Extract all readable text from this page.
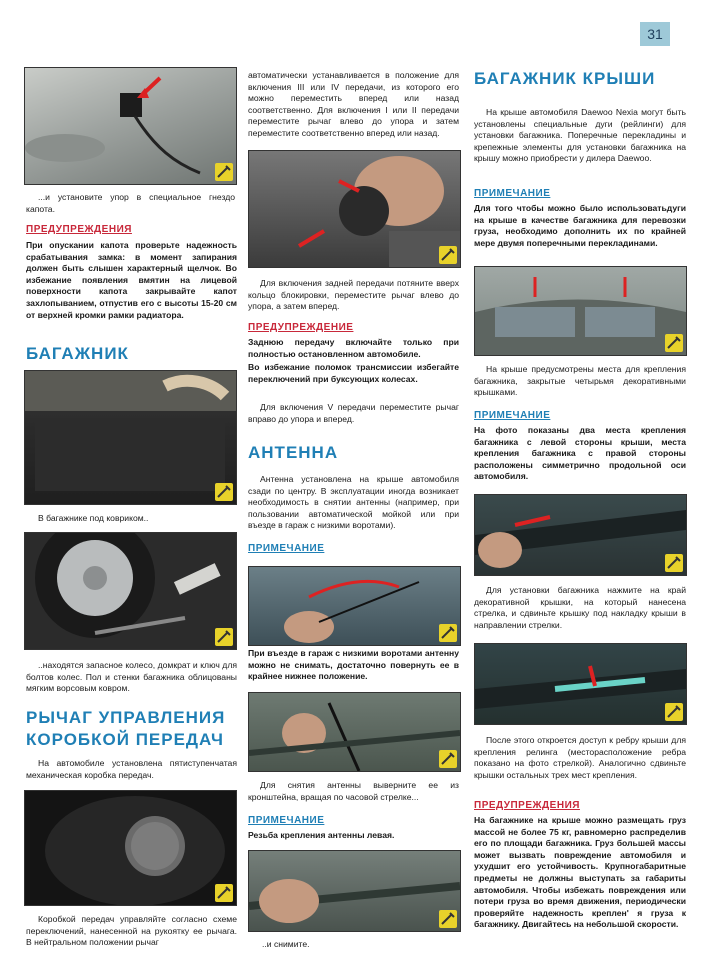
31
...и установите упор в специальное гнездо капота.
ПРЕДУПРЕЖДЕНИЯ
При опускании капота проверьте надежность срабатывания замка: в момент запирания должен быть слышен характерный щелчок. Во избежание появления вмятин на лицевой поверхности капота закрывайте капот захлопыванием, отпустив его с высоты 15-20 см от верхней кромки рамки радиатора.
БАГАЖНИК
В багажнике под ковриком..
..находятся запасное колесо, домкрат и ключ для болтов колес. Пол и стенки багажника облицованы мягким ворсовым ковром.
РЫЧАГ УПРАВЛЕНИЯ
КОРОБКОЙ ПЕРЕДАЧ
На автомобиле установлена пятиступенчатая механическая коробка передач.
Коробкой передач управляйте согласно схеме переключений, нанесенной на рукоятку ее рычага. В нейтральном положении рычаг
автоматически устанавливается в положение для включения III или IV передачи, из которого его можно переместить вперед или назад соответственно. Для включения I или II передачи переместите рычаг влево до упора и затем переместите соответственно вперед или назад.
Для включения задней передачи потяните вверх кольцо блокировки, переместите рычаг влево до упора, а затем вперед.
ПРЕДУПРЕЖДЕНИЕ
Заднюю передачу включайте только при полностью остановленном автомобиле.
Во избежание поломок трансмиссии избегайте переключений при буксующих колесах.
Для включения V передачи переместите рычаг вправо до упора и вперед.
АНТЕННА
Антенна установлена на крыше автомобиля сзади по центру. В эксплуатации иногда возникает необходимость в снятии антенны (например, при пользовании автоматической мойкой или при въезде в гараж с низкими воротами).
ПРИМЕЧАНИЕ
При въезде в гараж с низкими воротами антенну можно не снимать, достаточно повернуть ее в крайнее нижнее положение.
Для снятия антенны выверните ее из кронштейна, вращая по часовой стрелке...
ПРИМЕЧАНИЕ
Резьба крепления антенны левая.
..и снимите.
БАГАЖНИК КРЫШИ
На крыше автомобиля Daewoo Nexia могут быть установлены специальные дуги (рейлинги) для установки багажника. Поперечные перекладины и крепежные элементы для установки багажника на крышу можно приобрести у дилера Daewoo.
ПРИМЕЧАНИЕ
Для того чтобы можно было использоватьдуги на крыше в качестве багажника для перевозки груза, необходимо дополнить их по крайней мере двумя поперечными перекладинами.
На крыше предусмотрены места для крепления багажника, закрытые четырьмя декоративными крышками.
ПРИМЕЧАНИЕ
На фото показаны два места крепления багажника с левой стороны крыши, места крепления багажника с правой стороны расположены симметрично продольной оси автомобиля.
Для установки багажника нажмите на край декоративной крышки, на который нанесена стрелка, и сдвиньте крышку под накладку крыши в направлении стрелки.
После этого откроется доступ к ребру крыши для крепления релинга (месторасположение ребра показано на фото стрелкой). Аналогично сдвиньте крышки остальных трех мест крепления.
ПРЕДУПРЕЖДЕНИЯ
На багажнике на крыше можно размещать груз массой не более 75 кг, равномерно распределив его по площади багажника. Груз большей массы может вызвать повреждение автомобиля и ухудшит его устойчивость. Крупногабаритные предметы не должны выступать за габариты автомобиля. Чтобы избежать повреждения или потери груза во время движения, периодически проверяйте надежность креплен' я груза к багажнику. Двигайтесь на небольшой скорости.
